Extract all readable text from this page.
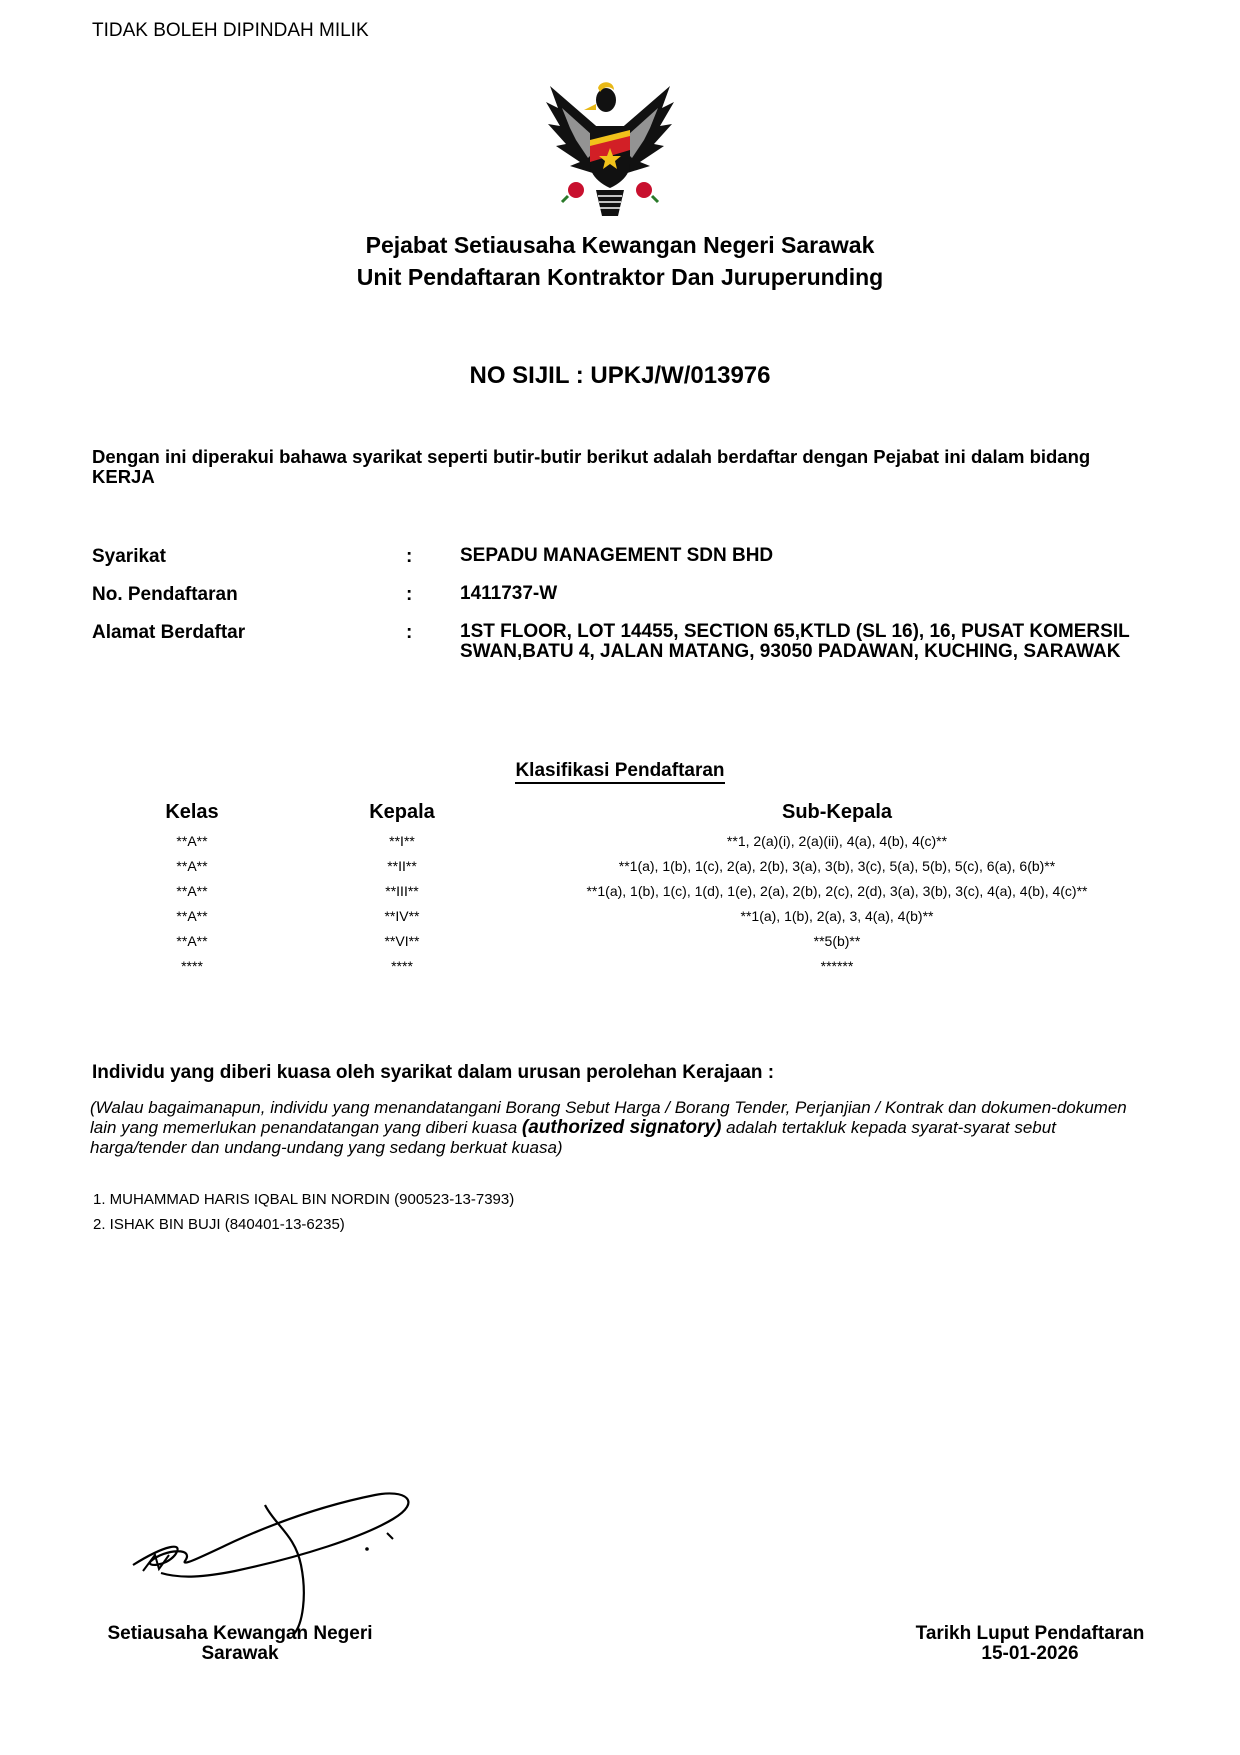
TIDAK BOLEH DIPINDAH MILIK
Pejabat Setiausaha Kewangan Negeri Sarawak
Unit Pendaftaran Kontraktor Dan Juruperunding
NO SIJIL : UPKJ/W/013976
Dengan ini diperakui bahawa syarikat seperti butir-butir berikut adalah berdaftar dengan Pejabat ini dalam bidang KERJA
Syarikat	:	SEPADU MANAGEMENT SDN BHD
No. Pendaftaran	:	1411737-W
Alamat Berdaftar	:	1ST FLOOR, LOT 14455, SECTION 65,KTLD (SL 16), 16, PUSAT KOMERSIL SWAN,BATU 4, JALAN MATANG, 93050 PADAWAN, KUCHING, SARAWAK
Klasifikasi Pendaftaran
Kelas	Kepala	Sub-Kepala
**A**	**I**	**1, 2(a)(i), 2(a)(ii), 4(a), 4(b), 4(c)**
**A**	**II**	**1(a), 1(b), 1(c), 2(a), 2(b), 3(a), 3(b), 3(c), 5(a), 5(b), 5(c), 6(a), 6(b)**
**A**	**III**	**1(a), 1(b), 1(c), 1(d), 1(e), 2(a), 2(b), 2(c), 2(d), 3(a), 3(b), 3(c), 4(a), 4(b), 4(c)**
**A**	**IV**	**1(a), 1(b), 2(a), 3, 4(a), 4(b)**
**A**	**VI**	**5(b)**
****	****	******
Individu yang diberi kuasa oleh syarikat dalam urusan perolehan Kerajaan :
(Walau bagaimanapun, individu yang menandatangani Borang Sebut Harga / Borang Tender, Perjanjian / Kontrak dan dokumen-dokumen lain yang memerlukan penandatangan yang diberi kuasa (authorized signatory) adalah tertakluk kepada syarat-syarat sebut harga/tender dan undang-undang yang sedang berkuat kuasa)
1. MUHAMMAD HARIS IQBAL BIN NORDIN (900523-13-7393)
2. ISHAK BIN BUJI (840401-13-6235)
Setiausaha Kewangan Negeri
Sarawak
Tarikh Luput Pendaftaran
15-01-2026
